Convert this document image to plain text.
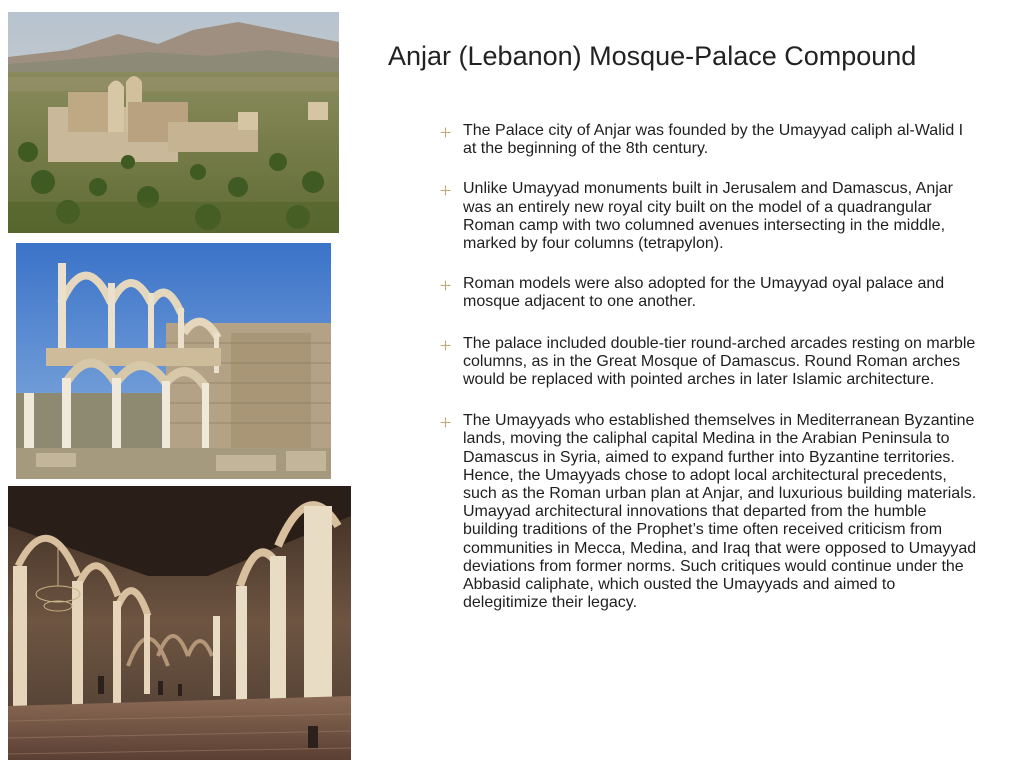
Anjar (Lebanon) Mosque-Palace Compound
The Palace city of Anjar was founded by the Umayyad caliph al-Walid I at the beginning of the 8th century.
Unlike Umayyad monuments built in Jerusalem and Damascus, Anjar was an entirely new royal city built on the model of a quadrangular Roman camp with two columned avenues intersecting in the middle, marked by four columns (tetrapylon).
Roman models were also adopted for the Umayyad oyal palace and mosque adjacent to one another.
The palace included double-tier round-arched arcades resting on marble columns, as in the Great Mosque of Damascus. Round Roman arches would be replaced with pointed arches in later Islamic architecture.
The Umayyads who established themselves in Mediterranean Byzantine lands, moving the caliphal capital Medina in the Arabian Peninsula to Damascus in Syria, aimed to expand further into Byzantine territories. Hence, the Umayyads chose to adopt local architectural precedents, such as the Roman urban plan at Anjar, and luxurious building materials. Umayyad architectural innovations that departed from the humble building traditions of the Prophet’s time often received criticism from communities in Mecca, Medina, and Iraq that were opposed to Umayyad deviations from former norms. Such critiques would continue under the Abbasid caliphate, which ousted the Umayyads and aimed to delegitimize their legacy.
